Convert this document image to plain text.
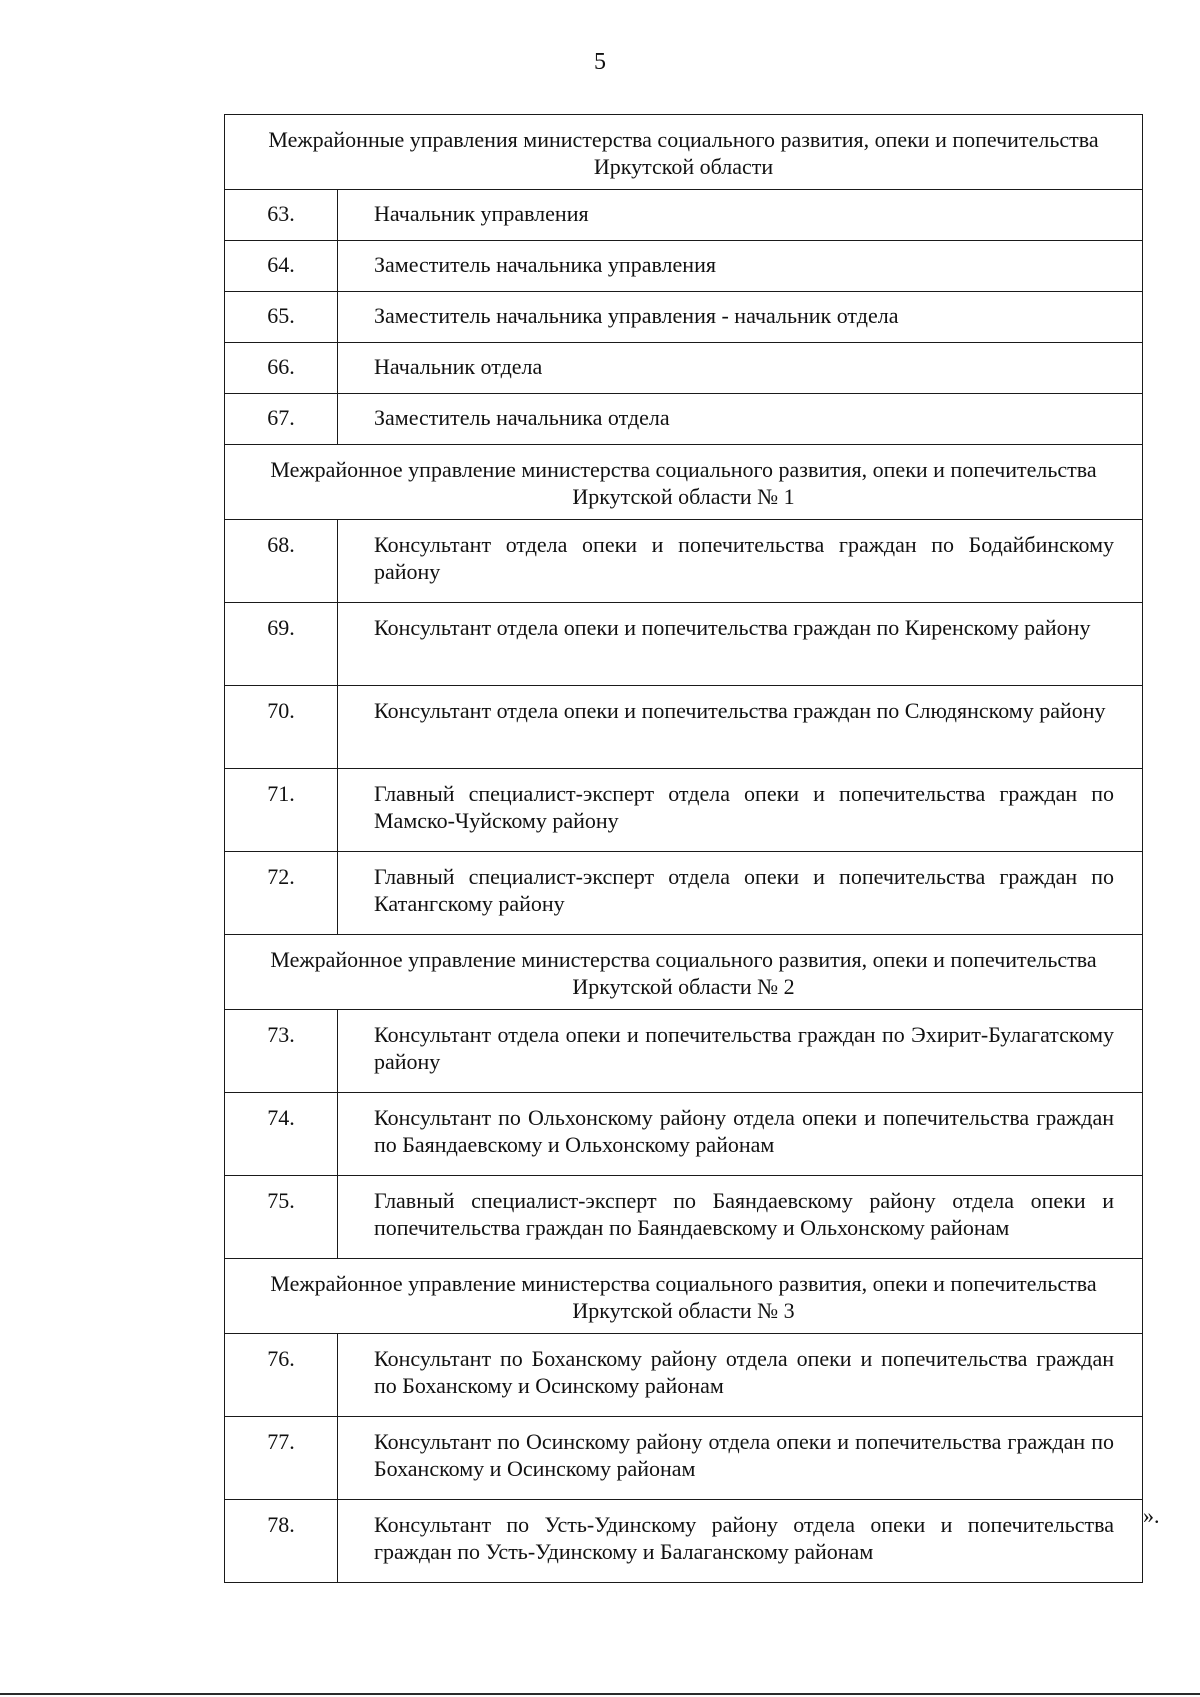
5
Межрайонные управления министерства социального развития, опеки и попечительства Иркутской области	
63.	Начальник управления
64.	Заместитель начальника управления
65.	Заместитель начальника управления - начальник отдела
66.	Начальник отдела
67.	Заместитель начальника отдела
Межрайонное управление министерства социального развития, опеки и попечительства Иркутской области № 1	
68.	Консультант отдела опеки и попечительства граждан по Бодайбинскому району
69.	Консультант отдела опеки и попечительства граждан по Киренскому району
70.	Консультант отдела опеки и попечительства граждан по Слюдянскому району
71.	Главный специалист-эксперт отдела опеки и попечительства граждан по Мамско-Чуйскому району
72.	Главный специалист-эксперт отдела опеки и попечительства граждан по Катангскому району
Межрайонное управление министерства социального развития, опеки и попечительства Иркутской области № 2	
73.	Консультант отдела опеки и попечительства граждан по Эхирит-Булагатскому району
74.	Консультант по Ольхонскому району отдела опеки и попечительства граждан по Баяндаевскому и Ольхонскому районам
75.	Главный специалист-эксперт по Баяндаевскому району отдела опеки и попечительства граждан по Баяндаевскому и Ольхонскому районам
Межрайонное управление министерства социального развития, опеки и попечительства Иркутской области № 3	
76.	Консультант по Боханскому району отдела опеки и попечительства граждан по Боханскому и Осинскому районам
77.	Консультант по Осинскому району отдела опеки и попечительства граждан по Боханскому и Осинскому районам
78.	Консультант по Усть-Удинскому району отдела опеки и попечительства граждан по Усть-Удинскому и Балаганскому районам
».
